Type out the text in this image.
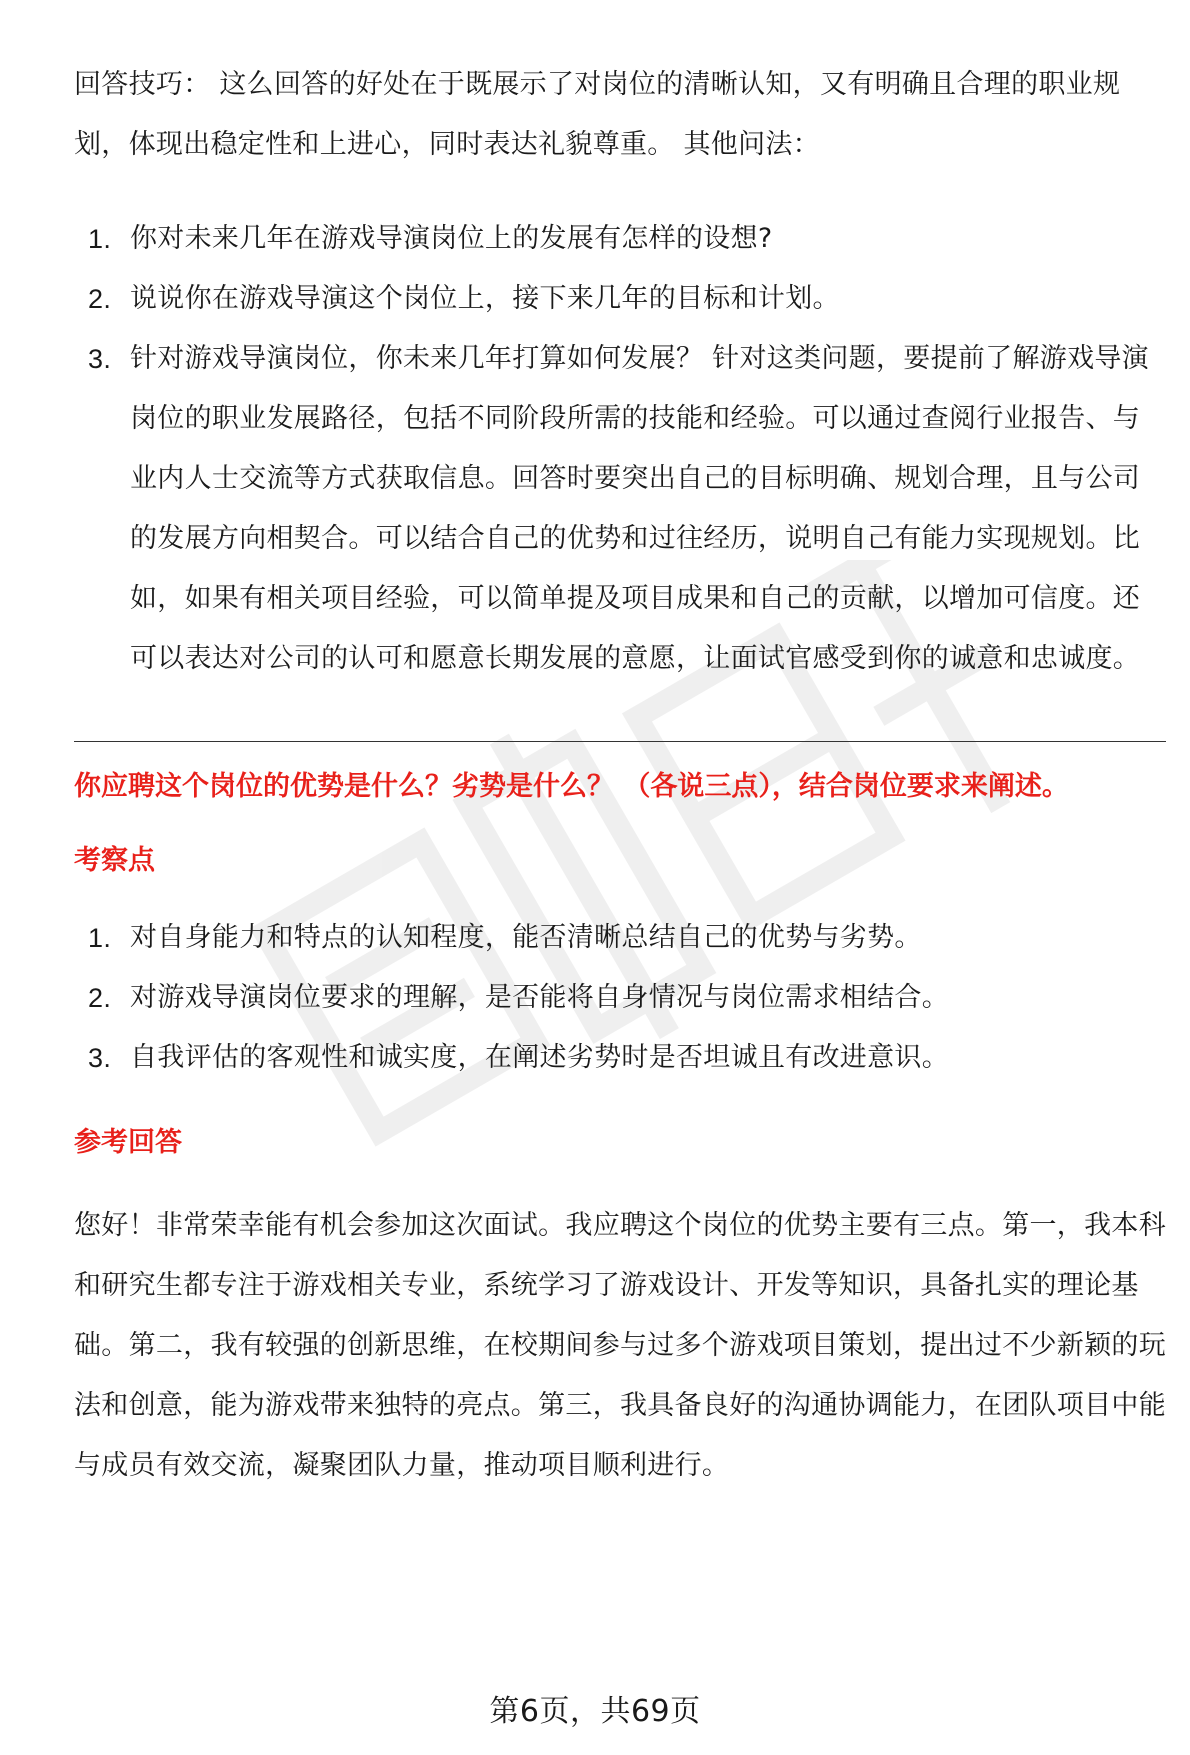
回答技巧： 这么回答的好处在于既展示了对岗位的清晰认知，又有明确且合理的职业规划，体现出稳定性和上进心，同时表达礼貌尊重。 其他问法：

1. 你对未来几年在游戏导演岗位上的发展有怎样的设想?
2. 说说你在游戏导演这个岗位上，接下来几年的目标和计划。
3. 针对游戏导演岗位，你未来几年打算如何发展？ 针对这类问题，要提前了解游戏导演岗位的职业发展路径，包括不同阶段所需的技能和经验。可以通过查阅行业报告、与业内人士交流等方式获取信息。回答时要突出自己的目标明确、规划合理，且与公司的发展方向相契合。可以结合自己的优势和过往经历，说明自己有能力实现规划。比如，如果有相关项目经验，可以简单提及项目成果和自己的贡献，以增加可信度。还可以表达对公司的认可和愿意长期发展的意愿，让面试官感受到你的诚意和忠诚度。

你应聘这个岗位的优势是什么？劣势是什么？ （各说三点），结合岗位要求来阐述。

考察点

1. 对自身能力和特点的认知程度，能否清晰总结自己的优势与劣势。
2. 对游戏导演岗位要求的理解，是否能将自身情况与岗位需求相结合。
3. 自我评估的客观性和诚实度，在阐述劣势时是否坦诚且有改进意识。

参考回答

您好！非常荣幸能有机会参加这次面试。我应聘这个岗位的优势主要有三点。第一，我本科和研究生都专注于游戏相关专业，系统学习了游戏设计、开发等知识，具备扎实的理论基础。第二，我有较强的创新思维，在校期间参与过多个游戏项目策划，提出过不少新颖的玩法和创意，能为游戏带来独特的亮点。第三，我具备良好的沟通协调能力，在团队项目中能与成员有效交流，凝聚团队力量，推动项目顺利进行。

第6页，共69页
